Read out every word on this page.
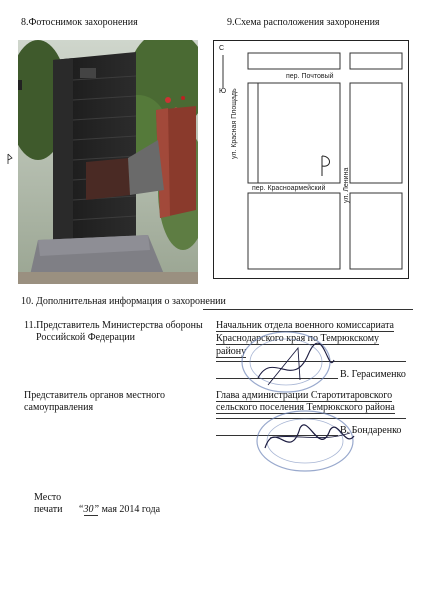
8.Фотоснимок захоронения	9.Схема расположения захоронения
С
Ю
пер. Почтовый
пер. Красноармейский
ул. Красная Площадь
ул. Ленина
10. Дополнительная информация о захоронении
11.Представитель Министерства обороны
Российской Федерации
Начальник отдела военного комиссариата
Краснодарского края по Темрюкскому
району
В. Герасименко
Представитель органов местного
самоуправления
Глава администрации Старотитаровского
сельского поселения Темрюкского района
В. Бондаренко
Место
печати “30” мая 2014 года
